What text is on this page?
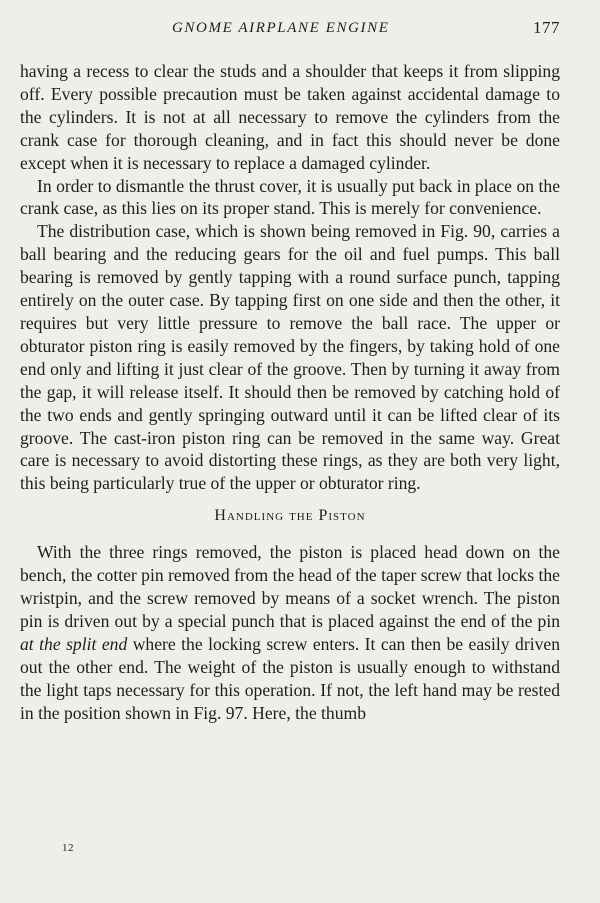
GNOME AIRPLANE ENGINE	177

having a recess to clear the studs and a shoulder that keeps it from slipping off. Every possible precaution must be taken against accidental damage to the cylinders. It is not at all necessary to remove the cylinders from the crank case for thorough cleaning, and in fact this should never be done except when it is necessary to replace a damaged cylinder.

In order to dismantle the thrust cover, it is usually put back in place on the crank case, as this lies on its proper stand. This is merely for convenience.

The distribution case, which is shown being removed in Fig. 90, carries a ball bearing and the reducing gears for the oil and fuel pumps. This ball bearing is removed by gently tapping with a round surface punch, tapping entirely on the outer case. By tapping first on one side and then the other, it requires but very little pressure to remove the ball race. The upper or obturator piston ring is easily removed by the fingers, by taking hold of one end only and lifting it just clear of the groove. Then by turning it away from the gap, it will release itself. It should then be removed by catching hold of the two ends and gently springing outward until it can be lifted clear of its groove. The cast-iron piston ring can be removed in the same way. Great care is necessary to avoid distorting these rings, as they are both very light, this being particularly true of the upper or obturator ring.

Handling the Piston

With the three rings removed, the piston is placed head down on the bench, the cotter pin removed from the head of the taper screw that locks the wristpin, and the screw removed by means of a socket wrench. The piston pin is driven out by a special punch that is placed against the end of the pin at the split end where the locking screw enters. It can then be easily driven out the other end. The weight of the piston is usually enough to withstand the light taps necessary for this operation. If not, the left hand may be rested in the position shown in Fig. 97. Here, the thumb

12
